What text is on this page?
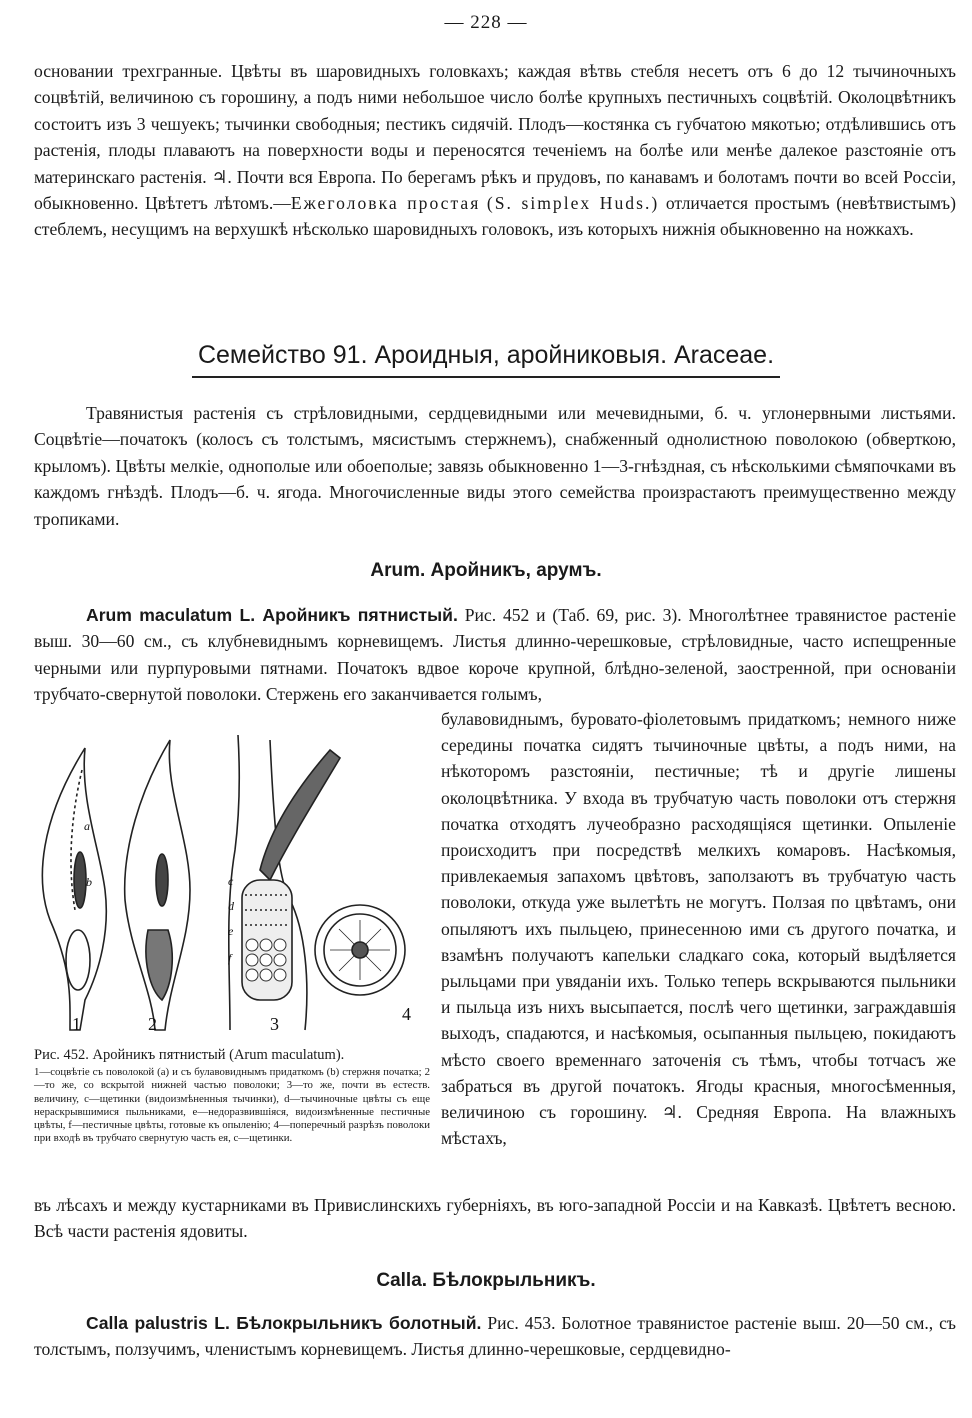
— 228 —

основании трехгранные. Цвѣты въ шаровидныхъ головкахъ; каждая вѣтвь стебля несетъ отъ 6 до 12 тычиночныхъ соцвѣтій, величиною съ горошину, а подъ ними небольшое число болѣе крупныхъ пестичныхъ соцвѣтій. Околоцвѣтникъ состоитъ изъ 3 чешуекъ; тычинки свободныя; пестикъ сидячій. Плодъ—костянка съ губчатою мякотью; отдѣлившись отъ растенія, плоды плаваютъ на поверхности воды и переносятся теченіемъ на болѣе или менѣе далекое разстояніе отъ материнскаго растенія. ♃. Почти вся Европа. По берегамъ рѣкъ и прудовъ, по канавамъ и болотамъ почти во всей Россіи, обыкновенно. Цвѣтетъ лѣтомъ.—Ежеголовка простая (S. simplex Huds.) отличается простымъ (невѣтвистымъ) стеблемъ, несущимъ на верхушкѣ нѣсколько шаровидныхъ головокъ, изъ которыхъ нижнія обыкновенно на ножкахъ.

Семейство 91. Ароидныя, аройниковыя. Araceae.

Травянистыя растенія съ стрѣловидными, сердцевидными или мечевидными, б. ч. углонервными листьями. Соцвѣтіе—початокъ (колосъ съ толстымъ, мясистымъ стержнемъ), снабженный однолистною поволокою (обверткою, крыломъ). Цвѣты мелкіе, однополые или обоеполые; завязь обыкновенно 1—3-гнѣздная, съ нѣсколькими сѣмяпочками въ каждомъ гнѣздѣ. Плодъ—б. ч. ягода. Многочисленные виды этого семейства произрастаютъ преимущественно между тропиками.

Arum. Аройникъ, арумъ.

Arum maculatum L. Аройникъ пятнистый. Рис. 452 и (Таб. 69, рис. 3). Многолѣтнее травянистое растеніе выш. 30—60 см., съ клубневиднымъ корневищемъ. Листья длинно-черешковые, стрѣловидные, часто испещренные черными или пурпуровыми пятнами. Початокъ вдвое короче крупной, блѣдно-зеленой, заостренной, при основаніи трубчато-свернутой поволоки. Стержень его заканчивается голымъ,

булавовиднымъ, буровато-фіолетовымъ придаткомъ; немного ниже середины початка сидятъ тычиночные цвѣты, а подъ ними, на нѣкоторомъ разстояніи, пестичные; тѣ и другіе лишены околоцвѣтника. У входа въ трубчатую часть поволоки отъ стержня початка отходятъ лучеобразно расходящіяся щетинки. Опыленіе происходитъ при посредствѣ мелкихъ комаровъ. Насѣкомыя, привлекаемыя запахомъ цвѣтовъ, заползаютъ въ трубчатую часть поволоки, откуда уже вылетѣть не могутъ. Ползая по цвѣтамъ, они опыляютъ ихъ пыльцею, принесенною ими съ другого початка, и взамѣнъ получаютъ капельки сладкаго сока, который выдѣляется рыльцами при увяданіи ихъ. Только теперь вскрываются пыльники и пыльца изъ нихъ высыпается, послѣ чего щетинки, заграждавшія выходъ, спадаются, и насѣкомыя, осыпанныя пыльцею, покидаютъ мѣсто своего временнаго заточенія съ тѣмъ, чтобы тотчасъ же забраться въ другой початокъ. Ягоды красныя, многосѣменныя, величиною съ горошину. ♃. Средняя Европа. На влажныхъ мѣстахъ,

1	2	3	4
a
b	c
d
e
f

Рис. 452. Аройникъ пятнистый (Arum maculatum).

1—соцвѣтіе съ поволокой (a) и съ булавовиднымъ придаткомъ (b) стержня початка; 2—то же, со вскрытой нижней частью поволоки; 3—то же, почти въ естеств. величину, c—щетинки (видоизмѣненныя тычинки), d—тычиночные цвѣты съ еще нераскрывшимися пыльниками, e—недоразвившіяся, видоизмѣненные пестичные цвѣты, f—пестичные цвѣты, готовые къ опыленію; 4—поперечный разрѣзъ поволоки при входѣ въ трубчато свернутую часть ея, c—щетинки.

въ лѣсахъ и между кустарниками въ Привислинскихъ губерніяхъ, въ юго-западной Россіи и на Кавказѣ. Цвѣтетъ весною. Всѣ части растенія ядовиты.

Calla. Бѣлокрыльникъ.

Calla palustris L. Бѣлокрыльникъ болотный. Рис. 453. Болотное травянистое растеніе выш. 20—50 см., съ толстымъ, ползучимъ, членистымъ корневищемъ. Листья длинно-черешковые, сердцевидно-
